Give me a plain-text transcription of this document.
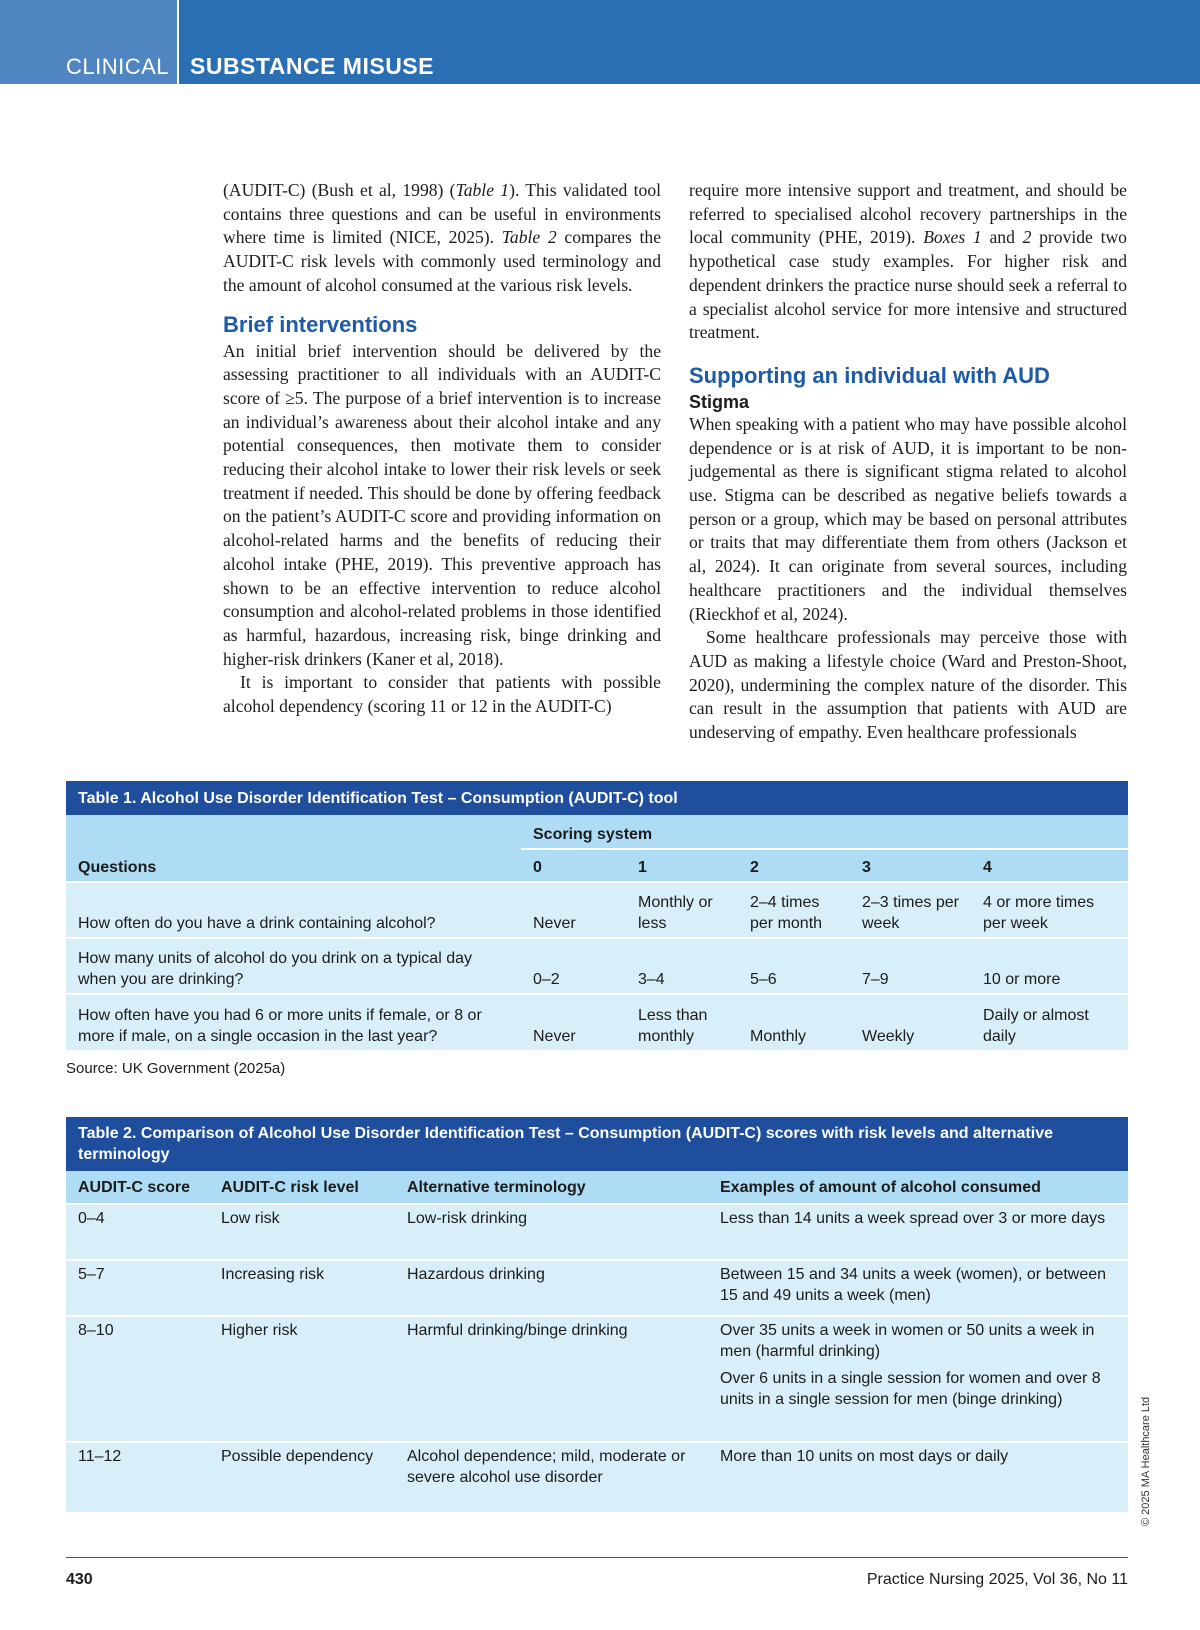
CLINICAL SUBSTANCE MISUSE

(AUDIT-C) (Bush et al, 1998) (Table 1). This validated tool contains three questions and can be useful in environments where time is limited (NICE, 2025). Table 2 compares the AUDIT-C risk levels with commonly used terminology and the amount of alcohol consumed at the various risk levels.

Brief interventions

An initial brief intervention should be delivered by the assessing practitioner to all individuals with an AUDIT-C score of ≥5. The purpose of a brief intervention is to increase an individual’s awareness about their alcohol intake and any potential consequences, then motivate them to consider reducing their alcohol intake to lower their risk levels or seek treatment if needed. This should be done by offering feedback on the patient’s AUDIT-C score and providing information on alcohol-related harms and the benefits of reducing their alcohol intake (PHE, 2019). This preventive approach has shown to be an effective intervention to reduce alcohol consumption and alcohol-related problems in those identified as harmful, hazardous, increasing risk, binge drinking and higher-risk drinkers (Kaner et al, 2018).

It is important to consider that patients with possible alcohol dependency (scoring 11 or 12 in the AUDIT-C)

require more intensive support and treatment, and should be referred to specialised alcohol recovery partnerships in the local community (PHE, 2019). Boxes 1 and 2 provide two hypothetical case study examples. For higher risk and dependent drinkers the practice nurse should seek a referral to a specialist alcohol service for more intensive and structured treatment.

Supporting an individual with AUD
Stigma

When speaking with a patient who may have possible alcohol dependence or is at risk of AUD, it is important to be non-judgemental as there is significant stigma related to alcohol use. Stigma can be described as negative beliefs towards a person or a group, which may be based on personal attributes or traits that may differentiate them from others (Jackson et al, 2024). It can originate from several sources, including healthcare practitioners and the individual themselves (Rieckhof et al, 2024).

Some healthcare professionals may perceive those with AUD as making a lifestyle choice (Ward and Preston-Shoot, 2020), undermining the complex nature of the disorder. This can result in the assumption that patients with AUD are undeserving of empathy. Even healthcare professionals

Table 1. Alcohol Use Disorder Identification Test – Consumption (AUDIT-C) tool					
	Scoring system				
Questions	0	1	2	3	4
How often do you have a drink containing alcohol?	Never	Monthly or less	2–4 times per month	2–3 times per week	4 or more times per week
How many units of alcohol do you drink on a typical day when you are drinking?	0–2	3–4	5–6	7–9	10 or more
How often have you had 6 or more units if female, or 8 or more if male, on a single occasion in the last year?	Never	Less than monthly	Monthly	Weekly	Daily or almost daily
Source: UK Government (2025a)
Table 2. Comparison of Alcohol Use Disorder Identification Test – Consumption (AUDIT-C) scores with risk levels and alternative terminology			
AUDIT-C score	AUDIT-C risk level	Alternative terminology	Examples of amount of alcohol consumed
0–4	Low risk	Low-risk drinking	Less than 14 units a week spread over 3 or more days
5–7	Increasing risk	Hazardous drinking	Between 15 and 34 units a week (women), or between 15 and 49 units a week (men)
8–10	Higher risk	Harmful drinking/binge drinking	Over 35 units a week in women or 50 units a week in men (harmful drinking)
Over 6 units in a single session for women and over 8 units in a single session for men (binge drinking)

11–12	Possible dependency	Alcohol dependence; mild, moderate or severe alcohol use disorder	More than 10 units on most days or daily	© 2025 MA Healthcare Ltd
430	Practice Nursing 2025, Vol 36, No 11
